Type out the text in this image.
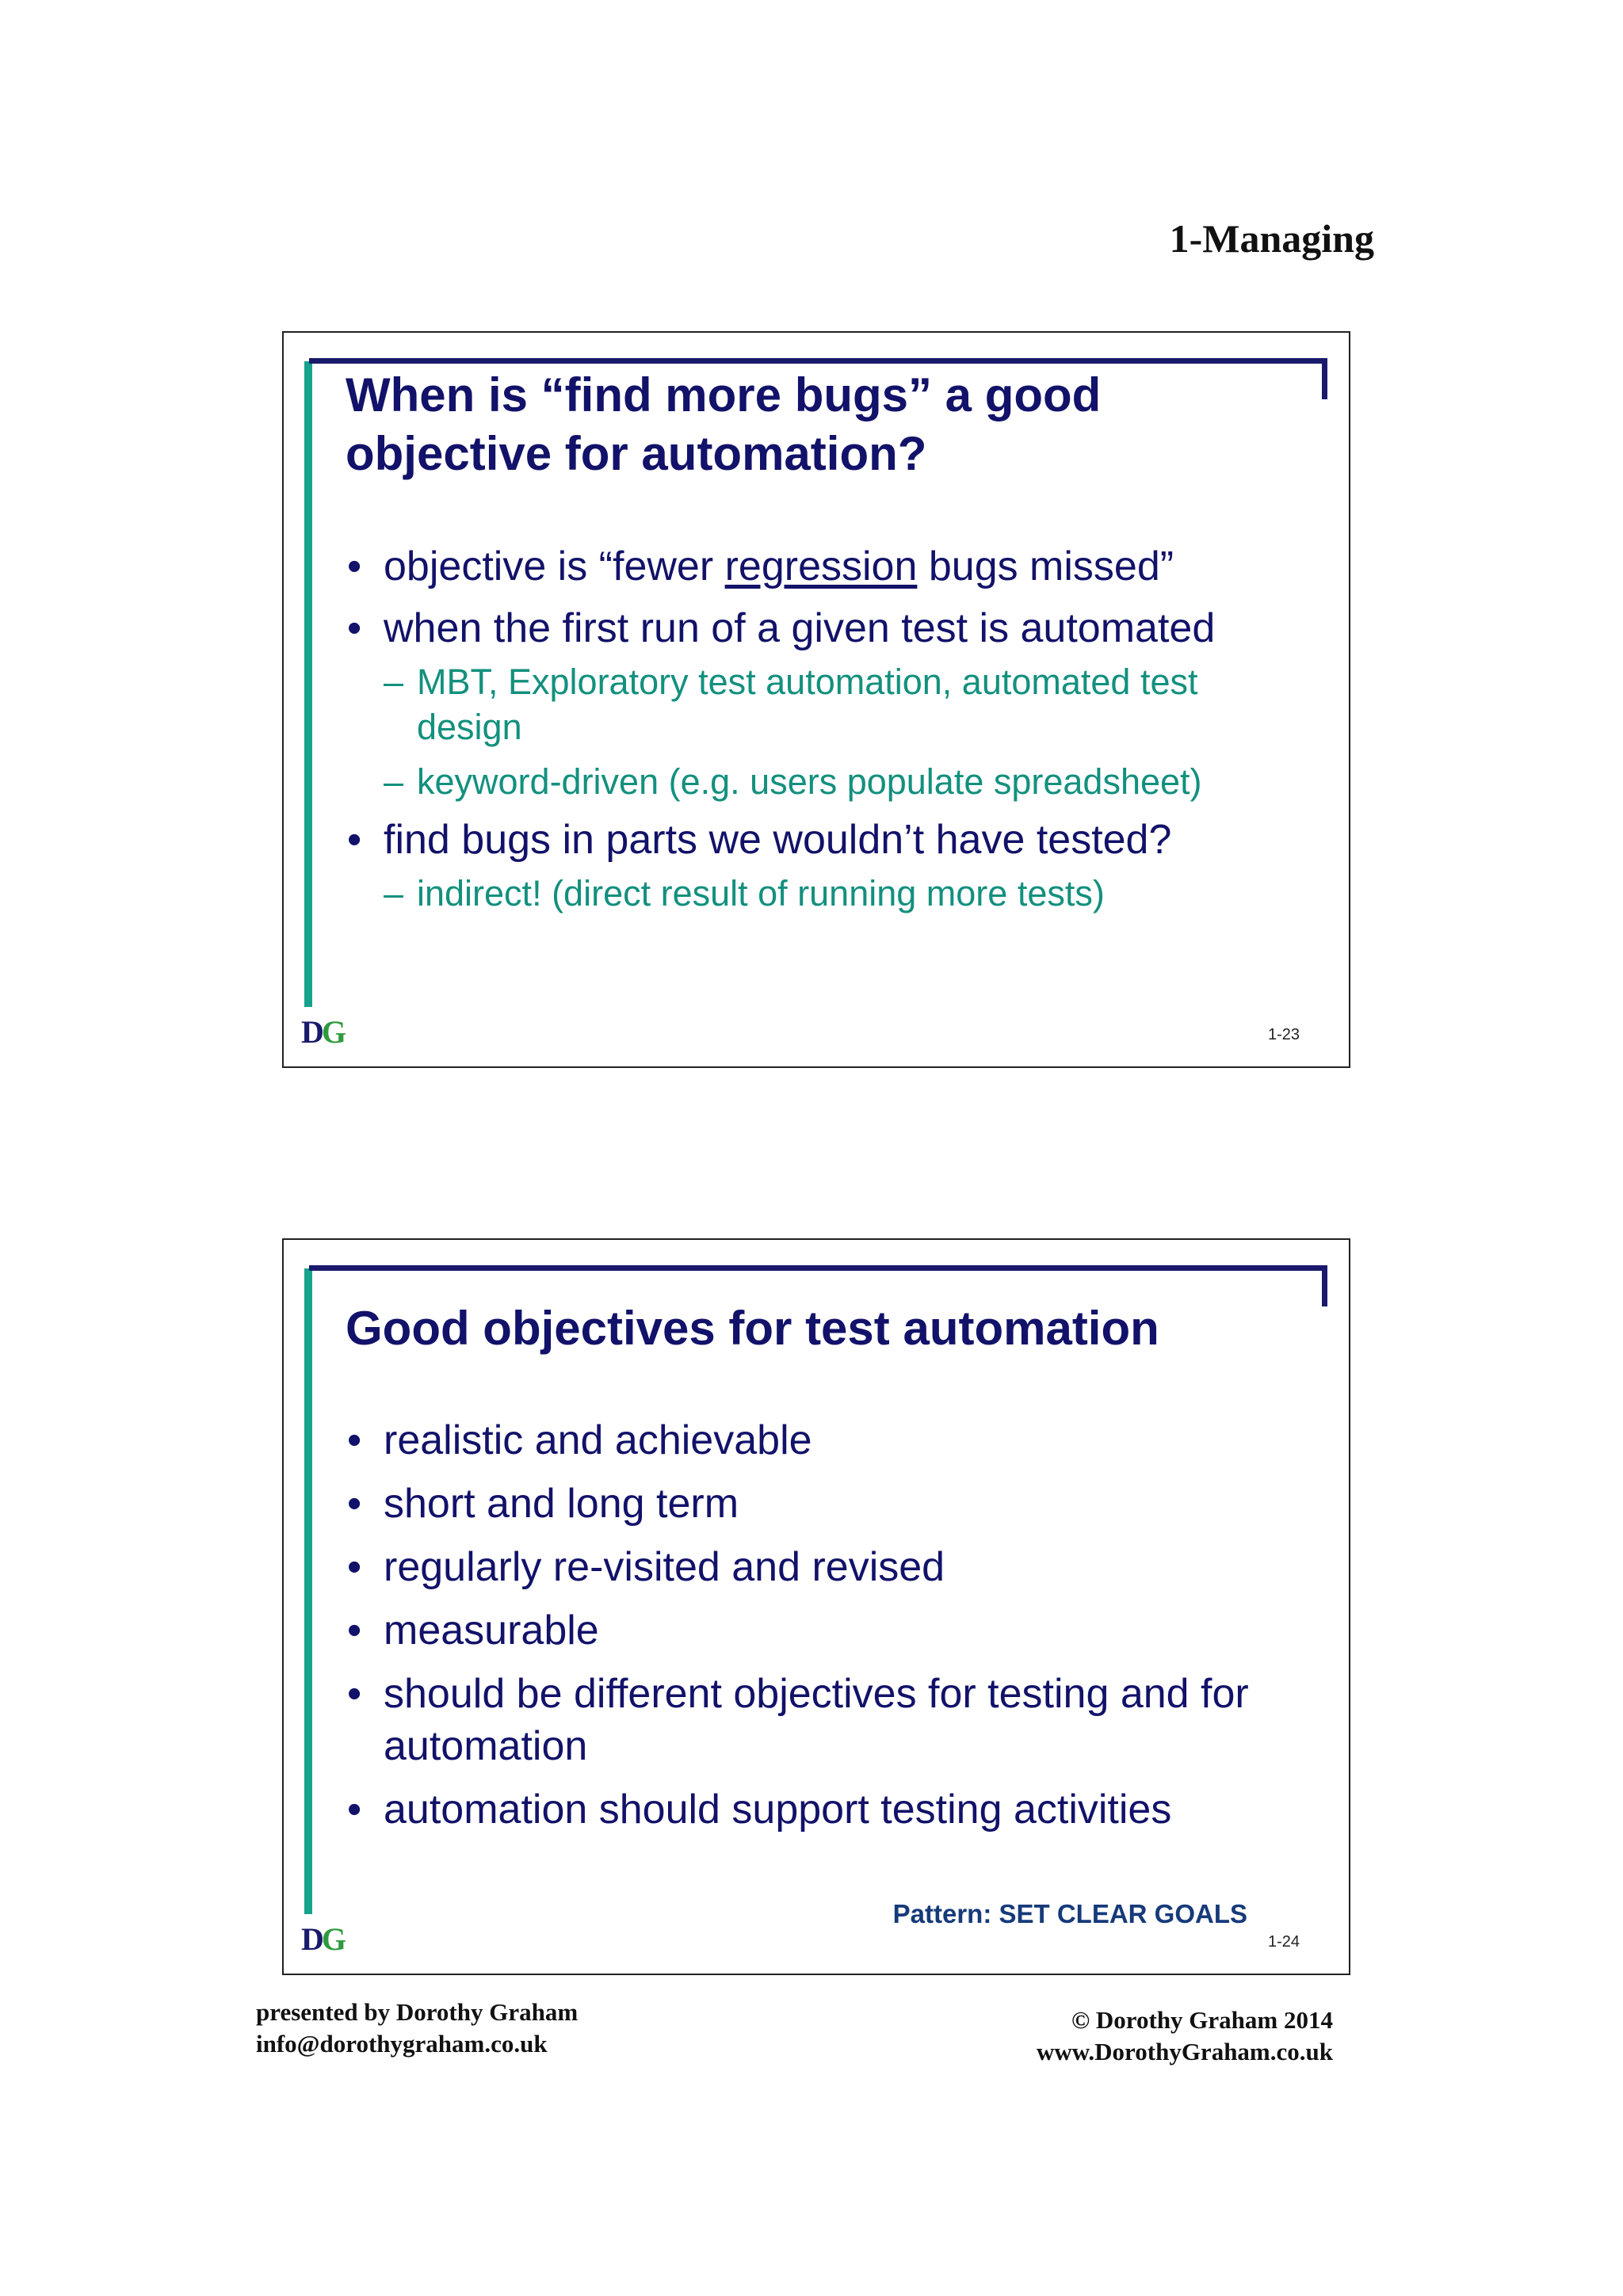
1-Managing
When is “find more bugs” a good objective for automation?
• objective is “fewer regression bugs missed”
• when the first run of a given test is automated
– MBT, Exploratory test automation, automated test design
– keyword-driven (e.g. users populate spreadsheet)
• find bugs in parts we wouldn’t have tested?
– indirect! (direct result of running more tests)
DG	1-23
Good objectives for test automation
• realistic and achievable
• short and long term
• regularly re-visited and revised
• measurable
• should be different objectives for testing and for automation
• automation should support testing activities
Pattern: SET CLEAR GOALS
DG	1-24
presented by Dorothy Graham
info@dorothygraham.co.uk
© Dorothy Graham 2014
www.DorothyGraham.co.uk
